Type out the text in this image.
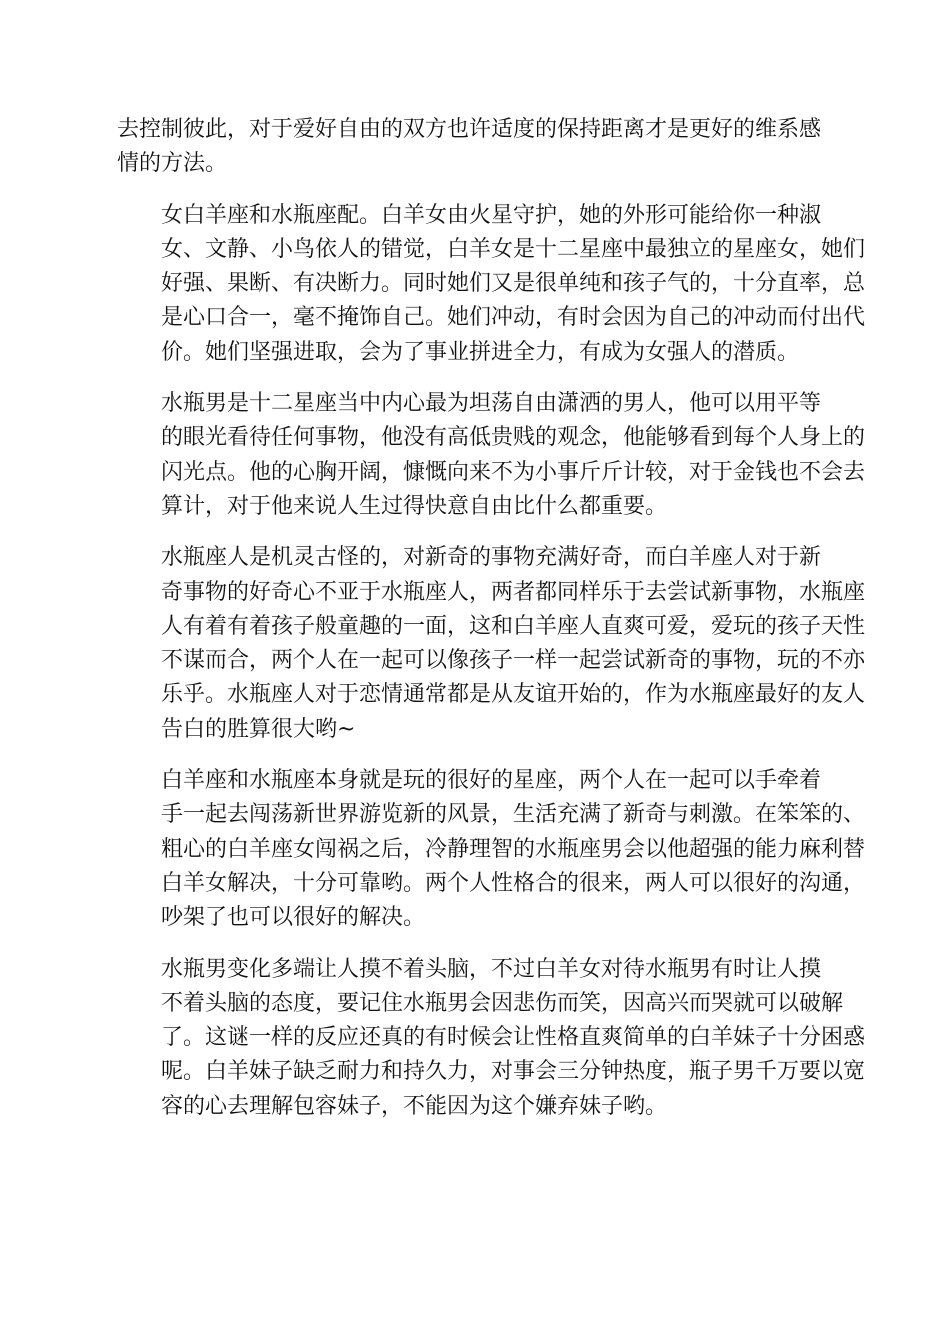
去控制彼此，对于爱好自由的双方也许适度的保持距离才是更好的维系感
情的方法。

女白羊座和水瓶座配。白羊女由火星守护，她的外形可能给你一种淑
女、文静、小鸟依人的错觉，白羊女是十二星座中最独立的星座女，她们
好强、果断、有决断力。同时她们又是很单纯和孩子气的，十分直率，总
是心口合一，毫不掩饰自己。她们冲动，有时会因为自己的冲动而付出代
价。她们坚强进取，会为了事业拼进全力，有成为女强人的潜质。

水瓶男是十二星座当中内心最为坦荡自由潇洒的男人，他可以用平等
的眼光看待任何事物，他没有高低贵贱的观念，他能够看到每个人身上的
闪光点。他的心胸开阔，慷慨向来不为小事斤斤计较，对于金钱也不会去
算计，对于他来说人生过得快意自由比什么都重要。

水瓶座人是机灵古怪的，对新奇的事物充满好奇，而白羊座人对于新
奇事物的好奇心不亚于水瓶座人，两者都同样乐于去尝试新事物，水瓶座
人有着有着孩子般童趣的一面，这和白羊座人直爽可爱，爱玩的孩子天性
不谋而合，两个人在一起可以像孩子一样一起尝试新奇的事物，玩的不亦
乐乎。水瓶座人对于恋情通常都是从友谊开始的，作为水瓶座最好的友人
告白的胜算很大哟~

白羊座和水瓶座本身就是玩的很好的星座，两个人在一起可以手牵着
手一起去闯荡新世界游览新的风景，生活充满了新奇与刺激。在笨笨的、
粗心的白羊座女闯祸之后，冷静理智的水瓶座男会以他超强的能力麻利替
白羊女解决，十分可靠哟。两个人性格合的很来，两人可以很好的沟通，
吵架了也可以很好的解决。

水瓶男变化多端让人摸不着头脑，不过白羊女对待水瓶男有时让人摸
不着头脑的态度，要记住水瓶男会因悲伤而笑，因高兴而哭就可以破解
了。这谜一样的反应还真的有时候会让性格直爽简单的白羊妹子十分困惑
呢。白羊妹子缺乏耐力和持久力，对事会三分钟热度，瓶子男千万要以宽
容的心去理解包容妹子，不能因为这个嫌弃妹子哟。
